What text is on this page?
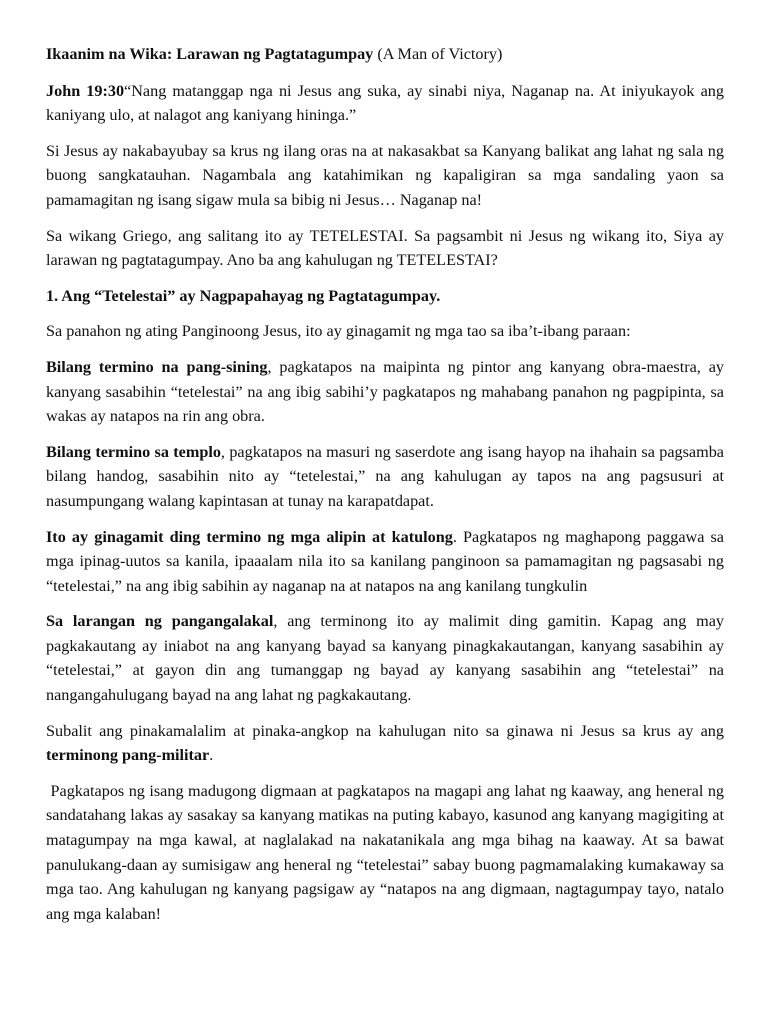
Ikaanim na Wika: Larawan ng Pagtatagumpay (A Man of Victory)

John 19:30“Nang matanggap nga ni Jesus ang suka, ay sinabi niya, Naganap na. At iniyukayok ang kaniyang ulo, at nalagot ang kaniyang hininga.”

Si Jesus ay nakabayubay sa krus ng ilang oras na at nakasakbat sa Kanyang balikat ang lahat ng sala ng buong sangkatauhan. Nagambala ang katahimikan ng kapaligiran sa mga sandaling yaon sa pamamagitan ng isang sigaw mula sa bibig ni Jesus… Naganap na!

Sa wikang Griego, ang salitang ito ay TETELESTAI. Sa pagsambit ni Jesus ng wikang ito, Siya ay larawan ng pagtatagumpay. Ano ba ang kahulugan ng TETELESTAI?

1. Ang “Tetelestai” ay Nagpapahayag ng Pagtatagumpay.

Sa panahon ng ating Panginoong Jesus, ito ay ginagamit ng mga tao sa iba’t-ibang paraan:

Bilang termino na pang-sining, pagkatapos na maipinta ng pintor ang kanyang obra-maestra, ay kanyang sasabihin “tetelestai” na ang ibig sabihi’y pagkatapos ng mahabang panahon ng pagpipinta, sa wakas ay natapos na rin ang obra.

Bilang termino sa templo, pagkatapos na masuri ng saserdote ang isang hayop na ihahain sa pagsamba bilang handog, sasabihin nito ay “tetelestai,” na ang kahulugan ay tapos na ang pagsusuri at nasumpungang walang kapintasan at tunay na karapatdapat.

Ito ay ginagamit ding termino ng mga alipin at katulong. Pagkatapos ng maghapong paggawa sa mga ipinag-uutos sa kanila, ipaaalam nila ito sa kanilang panginoon sa pamamagitan ng pagsasabi ng “tetelestai,” na ang ibig sabihin ay naganap na at natapos na ang kanilang tungkulin

Sa larangan ng pangangalakal, ang terminong ito ay malimit ding gamitin. Kapag ang may pagkakautang ay iniabot na ang kanyang bayad sa kanyang pinagkakautangan, kanyang sasabihin ay “tetelestai,” at gayon din ang tumanggap ng bayad ay kanyang sasabihin ang “tetelestai” na nangangahulugang bayad na ang lahat ng pagkakautang.

Subalit ang pinakamalalim at pinaka-angkop na kahulugan nito sa ginawa ni Jesus sa krus ay ang terminong pang-militar.

Pagkatapos ng isang madugong digmaan at pagkatapos na magapi ang lahat ng kaaway, ang heneral ng sandatahang lakas ay sasakay sa kanyang matikas na puting kabayo, kasunod ang kanyang magigiting at matagumpay na mga kawal, at naglalakad na nakatanikala ang mga bihag na kaaway. At sa bawat panulukang-daan ay sumisigaw ang heneral ng “tetelestai” sabay buong pagmamalaking kumakaway sa mga tao. Ang kahulugan ng kanyang pagsigaw ay “natapos na ang digmaan, nagtagumpay tayo, natalo ang mga kalaban!
